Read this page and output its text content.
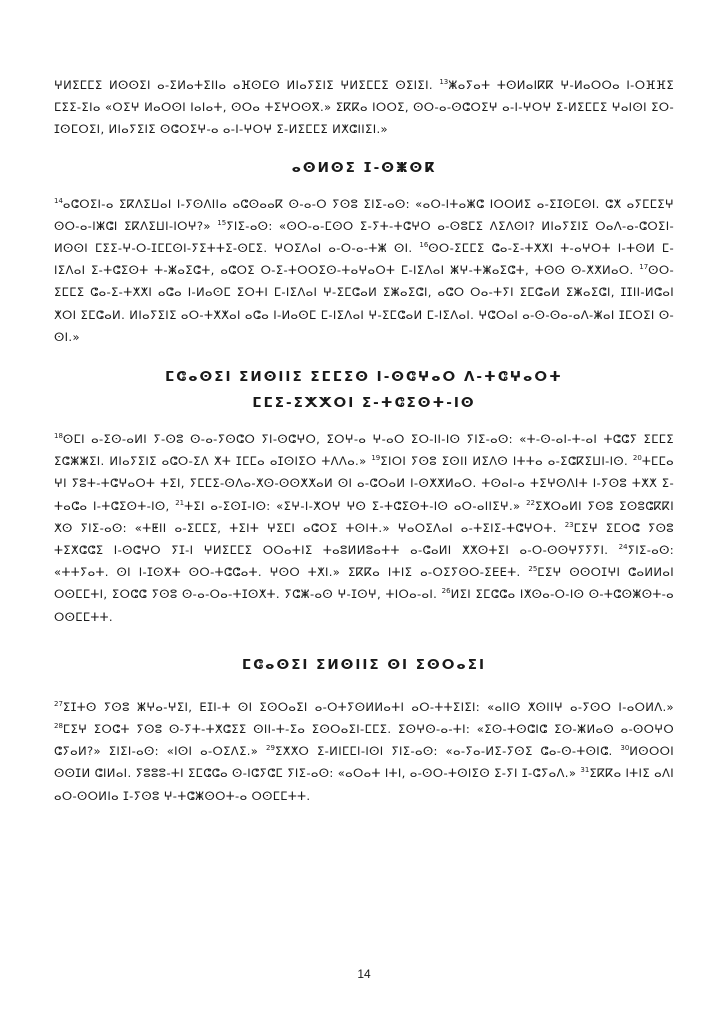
ⵖⵍⵉⵎⵎⵉ ⵍⵙⵙⵉⵏ ⴰ-ⵉⵍⴰⵜⵉⵏⵏⴰ ⴰⴼⵙⵎⵙ ⵍⵏⴰⵢⵉⵏⵉ ⵖⵍⵉⵎⵎⵉ ⵙⵉⵏⵉⵏ. $^{13}$ⵥⴰⵢⴰⵜ ⵜⵙⵍⴰⵏⴽⴽ ⵖ-ⵍⴰⵔⵔⴰ ⵏ-ⵔⴼⴼⵉ ⵎⵉⵉ-ⵉⵏⴰ «ⵔⵉⵖ ⵍⴰⵔⵙⵏ ⵏⴰⵏⴰⵜ, ⵙⵔⴰ ⵜⵉⵖⵔⵙⴳ.» ⵉⴽⴽⴰ ⵏⵔⵔⵉ, ⵙⵔ-ⴰ-ⵙⵛⵔⵉⵖ ⴰ-ⵏ-ⵖⵔⵖ ⵉ-ⵍⵉⵎⵎⵉ ⵖⴰⵏⵙⵏ ⵉⵔ-ⵊⵙⵎⵔⵉⵏ, ⵍⵏⴰⵢⵉⵏⵉ ⵙⵛⵔⵉⵖ-ⴰ ⴰ-ⵏ-ⵖⵔⵖ ⵉ-ⵍⵉⵎⵎⵉ ⵍⵅⵛⵏⵏⵉⵏ.»

ⴰⵙⵍⵙⵉ ⵊ-ⵙⵥⵙⴽ

$^{14}$ⴰⵛⵔⵉⵏ-ⴰ ⵉⴽⴷⵉⵡⴰⵏ ⵏ-ⵢⵙⴷⵏⵏⴰ ⴰⵛⵙⴰⴰⴽ ⵙ-ⴰ-ⵔ ⵢⵙⵓ ⵉⵏⵉ-ⴰⵙ: «ⴰⵔ-ⵏⵜⴰⵥⵛ ⵏⵔⵔⵍⵉ ⴰ-ⵉⵊⵙⵎⵙⵏ. ⵛⵅ ⴰⵢⵎⵎⵉⵖ ⵙⵔ-ⴰ-ⵏⵥⵛⵏ ⵉⴽⴷⵉⵡⵏ-ⵏⵔⵖ?» $^{15}$ⵢⵏⵉ-ⴰⵙ: «ⵙⵔ-ⴰ-ⵎⵙⵔ ⵉ-ⵢⵜ-ⵜⵛⵖⵔ ⴰ-ⵙⵓⵎⵉ ⴷⵉⴷⵙⵏ? ⵍⵏⴰⵢⵉⵏⵉ ⵔⴰⴷ-ⴰ-ⵛⵔⵉⵏ-ⵍⵙⵙⵏ ⵎⵉⵉ-ⵖ-ⵔ-ⵊⵎⵎⵙⵏ-ⵢⵉⵜⵜⵉ-ⵙⵎⵉ. ⵖⵔⵉⴷⴰⵏ ⴰ-ⵔ-ⴰ-ⵜⵥ ⵙⵏ. $^{16}$ⵙⵔ-ⵉⵎⵎⵉ ⵛⴰ-ⵉ-ⵜⵅⵅⵏ ⵜ-ⴰⵖⵔⵜ ⵏ-ⵜⵙⵍ ⵎ-ⵏⵉⴷⴰⵏ ⵉ-ⵜⵛⵉⵙⵜ ⵜ-ⵥⴰⵉⵛⵜ, ⴰⵛⵔⵉ ⵔ-ⵉ-ⵜⵔⵔⵉⵙ-ⵜⴰⵖⴰⵔⵜ ⵎ-ⵏⵉⴷⴰⵏ ⵥⵖ-ⵜⵥⴰⵉⵛⵜ, ⵜⵙⵙ ⵙ-ⵅⵅⵍⴰⵔ. $^{17}$ⵙⵔ-ⵉⵎⵎⵉ ⵛⴰ-ⵉ-ⵜⵅⵅⵏ ⴰⵛⴰ ⵏ-ⵍⴰⵙⵎ ⵉⵔⵜⵏ ⵎ-ⵏⵉⴷⴰⵏ ⵖ-ⵉⵎⵛⴰⵍ ⵉⵥⴰⵉⵛⵏ, ⴰⵛⵔ ⵔⴰ-ⵜⵢⵏ ⵉⵎⵛⴰⵍ ⵉⵥⴰⵉⵛⵏ, ⵊⵊⵏⵏ-ⵍⵛⴰⵏ ⵅⵔⵏ ⵉⵎⵛⴰⵍ. ⵍⵏⴰⵢⵉⵏⵉ ⴰⵔ-ⵜⵅⵅⴰⵏ ⴰⵛⴰ ⵏ-ⵍⴰⵙⵎ ⵎ-ⵏⵉⴷⴰⵏ ⵖ-ⵉⵎⵛⴰⵍ ⵎ-ⵏⵉⴷⴰⵏ. ⵖⵛⵔⴰⵏ ⴰ-ⵙ-ⵙⴰ-ⴰⴷ-ⵥⴰⵏ ⵊⵎⵔⵉⵏ ⵙ-ⵙⵏ.»

ⵎⵛⴰⵙⵉⵏ ⵉⵍⵙⵏⵏⵉ ⵉⵎⵎⵉⵙ ⵏ-ⵙⵛⵖⴰⵔ ⴷ-ⵜⵛⵖⴰⵔⵜ
ⵎⵎⵉ-ⵉⵅⵅⵔⵏ ⵉ-ⵜⵛⵉⵙⵜ-ⵏⵙ

$^{18}$ⵙⵎⵏ ⴰ-ⵉⵙ-ⴰⵍⵏ ⵢ-ⵙⵓ ⵙ-ⴰ-ⵢⵙⵛⵔ ⵢⵏ-ⵙⵛⵖⵔ, ⵉⵔⵖ-ⴰ ⵖ-ⴰⵔ ⵉⵔ-ⵏⵏ-ⵏⵙ ⵢⵏⵉ-ⴰⵙ: «ⵜ-ⵙ-ⴰⵏ-ⵜ-ⴰⵏ ⵜⵛⵛⵢ ⵉⵎⵎⵉ ⵉⵛⵥⵥⵉⵏ. ⵍⵏⴰⵢⵉⵏⵉ ⴰⵛⵔ-ⵉⴷ ⵅⵜ ⵊⵎⵎⴰ ⴰⵊⵙⵏⵉⵔ ⵜⴷⴷⴰ.» $^{19}$ⵉⵏⵔⵏ ⵢⵙⵓ ⵉⵙⵏⵏ ⵍⵉⴷⵙ ⵏⵜⵜⴰ ⴰ-ⵉⵛⴽⵉⵡⵏ-ⵏⵙ. $^{20}$ⵜⵎⵎⴰ ⵖⵏ ⵢⵓⵜ-ⵜⵛⵖⴰⵔⵜ ⵜⵉⵏ, ⵢⵎⵎⵉ-ⵙⴷⴰ-ⵅⵙ-ⵙⵙⵅⵅⴰⵍ ⵙⵏ ⴰ-ⵛⵔⴰⵍ ⵏ-ⵙⵅⵅⵍⴰⵔ. ⵜⵙⴰⵏ-ⴰ ⵜⵉⵖⵙⴷⵏⵜ ⵏ-ⵢⵙⵓ ⵜⵅⵅ ⵉ-ⵜⴰⵛⴰ ⵏ-ⵜⵛⵉⵙⵜ-ⵏⵙ, $^{21}$ⵜⵉⵏ ⴰ-ⵉⵙⵊ-ⵏⵙ: «ⵉⵖ-ⵏ-ⵅⵔⵖ ⵖⵙ ⵉ-ⵜⵛⵉⵙⵜ-ⵏⵙ ⴰⵔ-ⴰⵏⵏⵉⵖ.» $^{22}$ⵉⵅⵔⴰⵍⵏ ⵢⵙⵓ ⵉⵙⵓⵛⴽⴽⵏ ⵅⵙ ⵢⵏⵉ-ⴰⵙ: «ⵜⵟⵏⵏ ⴰ-ⵉⵎⵎⵉ, ⵜⵉⵏⵜ ⵖⵉⵎⵏ ⴰⵛⵔⵉ ⵜⵙⵏⵜ.» ⵖⴰⵔⵉⴷⴰⵏ ⴰ-ⵜⵉⵏⵉ-ⵜⵛⵖⵔⵜ. $^{23}$ⵎⵉⵖ ⵉⵎⵔⵛ ⵢⵙⵓ ⵜⵉⵅⵛⵛⵉ ⵏ-ⵙⵛⵖⵔ ⵢⵊ-ⵏ ⵖⵍⵉⵎⵎⵉ ⵔⵔⴰⵜⵏⵉ ⵜⴰⵓⵍⵍⵓⴰⵜⵜ ⴰ-ⵛⴰⵍⵏ ⵅⵅⵙⵜⵉⵏ ⴰ-ⵔ-ⵙⵙⵖⵢⵢⵢⵏ. $^{24}$ⵢⵏⵉ-ⴰⵙ: «ⵜⵜⵢⴰⵜ. ⵙⵏ ⵏ-ⵊⵙⵅⵜ ⵙⵔ-ⵜⵛⵛⴰⵜ. ⵖⵙⵔ ⵜⵅⵏ.» ⵉⴽⴽⴰ ⵏⵜⵏⵉ ⴰ-ⵔⵉⵢⵙⵔ-ⵉⴹⴹⵜ. $^{25}$ⵎⵉⵖ ⵙⵙⵔⵊⵖⵏ ⵛⴰⵍⵍⴰⵏ ⵔⵙⵎⵎⵜⵏ, ⵉⵔⵛⵛ ⵢⵙⵓ ⵙ-ⴰ-ⵔⴰ-ⵜⵊⵙⵅⵜ. ⵢⵛⵥ-ⴰⵙ ⵖ-ⵊⵙⵖ, ⵜⵏⵔⴰ-ⴰⵏ. $^{26}$ⵍⵉⵏ ⵉⵎⵛⵛⴰ ⵏⵅⵙⴰ-ⵔ-ⵏⵙ ⵙ-ⵜⵛⵙⵥⵙⵜ-ⴰ ⵔⵙⵎⵎⵜⵜ.

ⵎⵛⴰⵙⵉⵏ ⵉⵍⵙⵏⵏⵉ ⵙⵏ ⵉⵙⵔⴰⵉⵏ

$^{27}$ⵉⵊⵜⵙ ⵢⵙⵓ ⵥⵖⴰ-ⵖⵉⵏ, ⴹⵊⵏ-ⵜ ⵙⵏ ⵉⵙⵔⴰⵉⵏ ⴰ-ⵔⵜⵢⵙⵍⵍⴰⵜⵏ ⴰⵔ-ⵜⵜⵉⵏⵉⵏ: «ⴰⵏⵏⵙ ⵅⵙⵏⵏⵖ ⴰ-ⵢⵙⵔ ⵏ-ⴰⵔⵍⴷ.» $^{28}$ⵎⵉⵖ ⵉⵔⵛⵜ ⵢⵙⵓ ⵙ-ⵢⵜ-ⵜⵅⵛⵉⵉ ⵙⵏⵏ-ⵜ-ⵉⴰ ⵉⵙⵔⴰⵉⵏ-ⵎⵎⵉ. ⵉⵙⵖⵙ-ⴰ-ⵜⵏ: «ⵉⵙ-ⵜⵙⵛⵏⵛ ⵉⵙ-ⵥⵍⴰⵙ ⴰ-ⵙⵔⵖⵔ ⵛⵢⴰⵍ?» ⵉⵏⵉⵏ-ⴰⵙ: «ⵏⵙⵏ ⴰ-ⵔⵉⴷⵉ.» $^{29}$ⵉⵅⵅⵔ ⵉ-ⵍⵏⵎⵎⵏ-ⵏⵙⵏ ⵢⵏⵉ-ⴰⵙ: «ⴰ-ⵢⴰ-ⵍⵉ-ⵢⵙⵉ ⵛⴰ-ⵙ-ⵜⵙⵏⵛ. $^{30}$ⵍⵙⵔⵔⵏ ⵙⵙⵊⵍ ⵛⵏⵍⴰⵏ. ⵢⵓⵓⵓ-ⵜⵏ ⵉⵎⵛⵛⴰ ⵙ-ⵏⵛⵢⵛⵎ ⵢⵏⵉ-ⴰⵙ: «ⴰⵔⴰⵜ ⵏⵜⵏ, ⴰ-ⵙⵔ-ⵜⵙⵏⵉⵙ ⵉ-ⵢⵏ ⵊ-ⵛⵢⴰⴷ.» $^{31}$ⵉⴽⴽⴰ ⵏⵜⵏⵉ ⴰⴷⵏ ⴰⵔ-ⵙⵔⵍⵏⴰ ⵊ-ⵢⵙⵓ ⵖ-ⵜⵛⵥⵙⵔⵜ-ⴰ ⵔⵙⵎⵎⵜⵜ.

14
